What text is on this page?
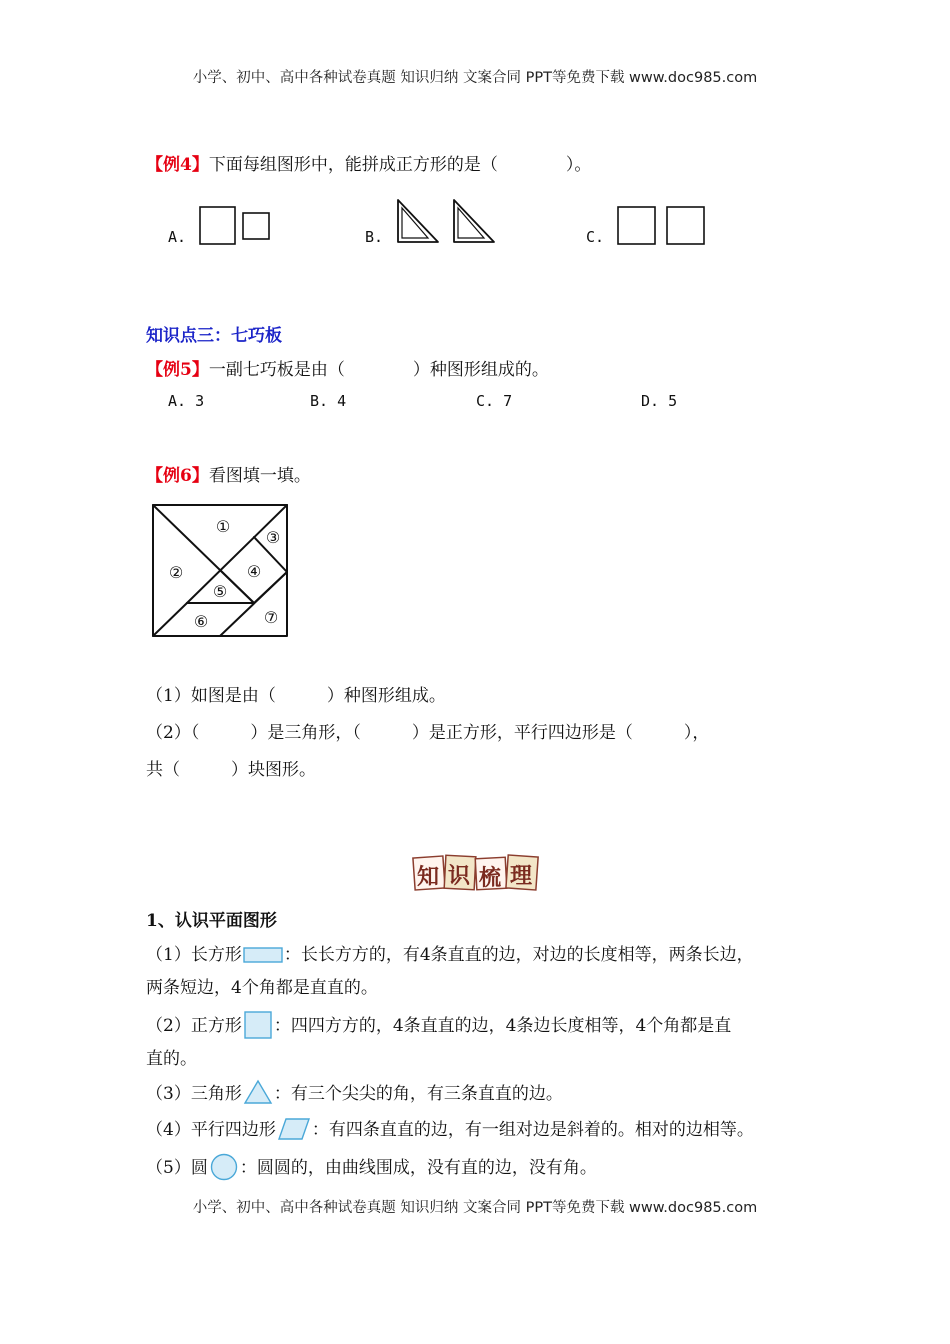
小学、初中、高中各种试卷真题 知识归纳 文案合同 PPT等免费下载 www.doc985.com
【例4】下面每组图形中，能拼成正方形的是（　　　　）。
A.	B.	C.
知识点三：七巧板
【例5】一副七巧板是由（　　　　）种图形组成的。
A. 3	B. 4	C. 7	D. 5
【例6】看图填一填。
①
②
③
④
⑤
⑥	⑦
（1）如图是由（　　　）种图形组成。
（2）（　　　）是三角形，（　　　）是正方形，平行四边形是（　　　），
共（　　　）块图形。
知 识 梳 理
1、认识平面图形
（1）长方形 ：长长方方的，有4条直直的边，对边的长度相等，两条长边，
两条短边，4个角都是直直的。
（2）正方形 ：四四方方的，4条直直的边，4条边长度相等，4个角都是直
直的。
（3）三角形 ：有三个尖尖的角，有三条直直的边。
（4）平行四边形 ：有四条直直的边，有一组对边是斜着的。相对的边相等。
（5）圆 ：圆圆的，由曲线围成，没有直的边，没有角。
小学、初中、高中各种试卷真题 知识归纳 文案合同 PPT等免费下载 www.doc985.com
